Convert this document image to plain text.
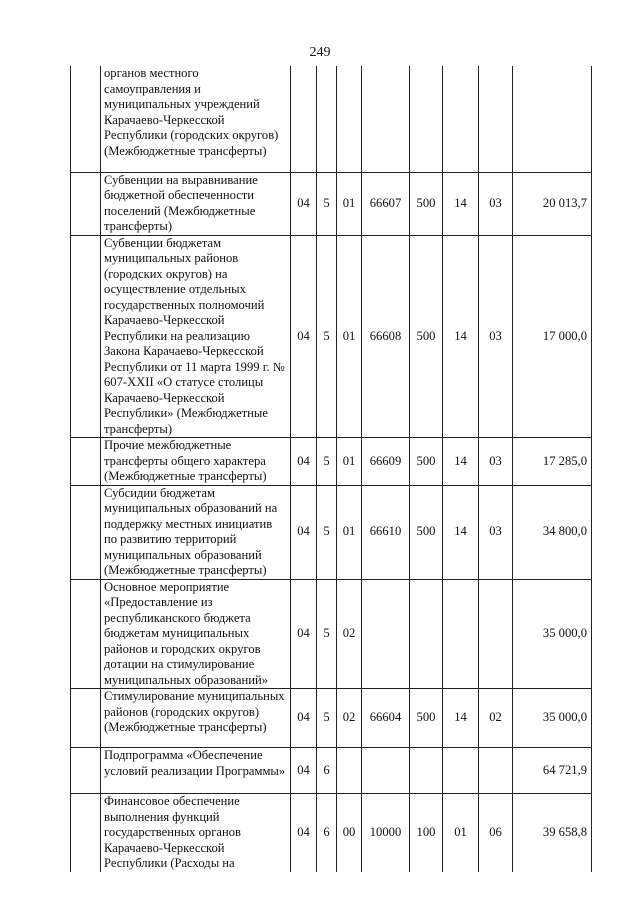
249
	органов местного самоуправления и муниципальных учреждений Карачаево-Черкесской Республики (городских округов) (Межбюджетные трансферты)								
	Субвенции на выравнивание бюджетной обеспеченности поселений (Межбюджетные трансферты)	04	5	01	66607	500	14	03	20 013,7
	Субвенции бюджетам муниципальных районов (городских округов) на осуществление отдельных государственных полномочий Карачаево-Черкесской Республики на реализацию Закона Карачаево-Черкесской Республики от 11 марта 1999 г. № 607-XXII «О статусе столицы Карачаево-Черкесской Республики» (Межбюджетные трансферты)	04	5	01	66608	500	14	03	17 000,0
	Прочие межбюджетные трансферты общего характера (Межбюджетные трансферты)	04	5	01	66609	500	14	03	17 285,0
	Субсидии бюджетам муниципальных образований на поддержку местных инициатив по развитию территорий муниципальных образований (Межбюджетные трансферты)	04	5	01	66610	500	14	03	34 800,0
	Основное мероприятие «Предоставление из республиканского бюджета бюджетам муниципальных районов и городских округов дотации на стимулирование муниципальных образований»	04	5	02					35 000,0
	Стимулирование муниципальных районов (городских округов) (Межбюджетные трансферты)	04	5	02	66604	500	14	02	35 000,0
	Подпрограмма «Обеспечение условий реализации Программы»	04	6						64 721,9
	Финансовое обеспечение выполнения функций государственных органов Карачаево-Черкесской Республики (Расходы на	04	6	00	10000	100	01	06	39 658,8
